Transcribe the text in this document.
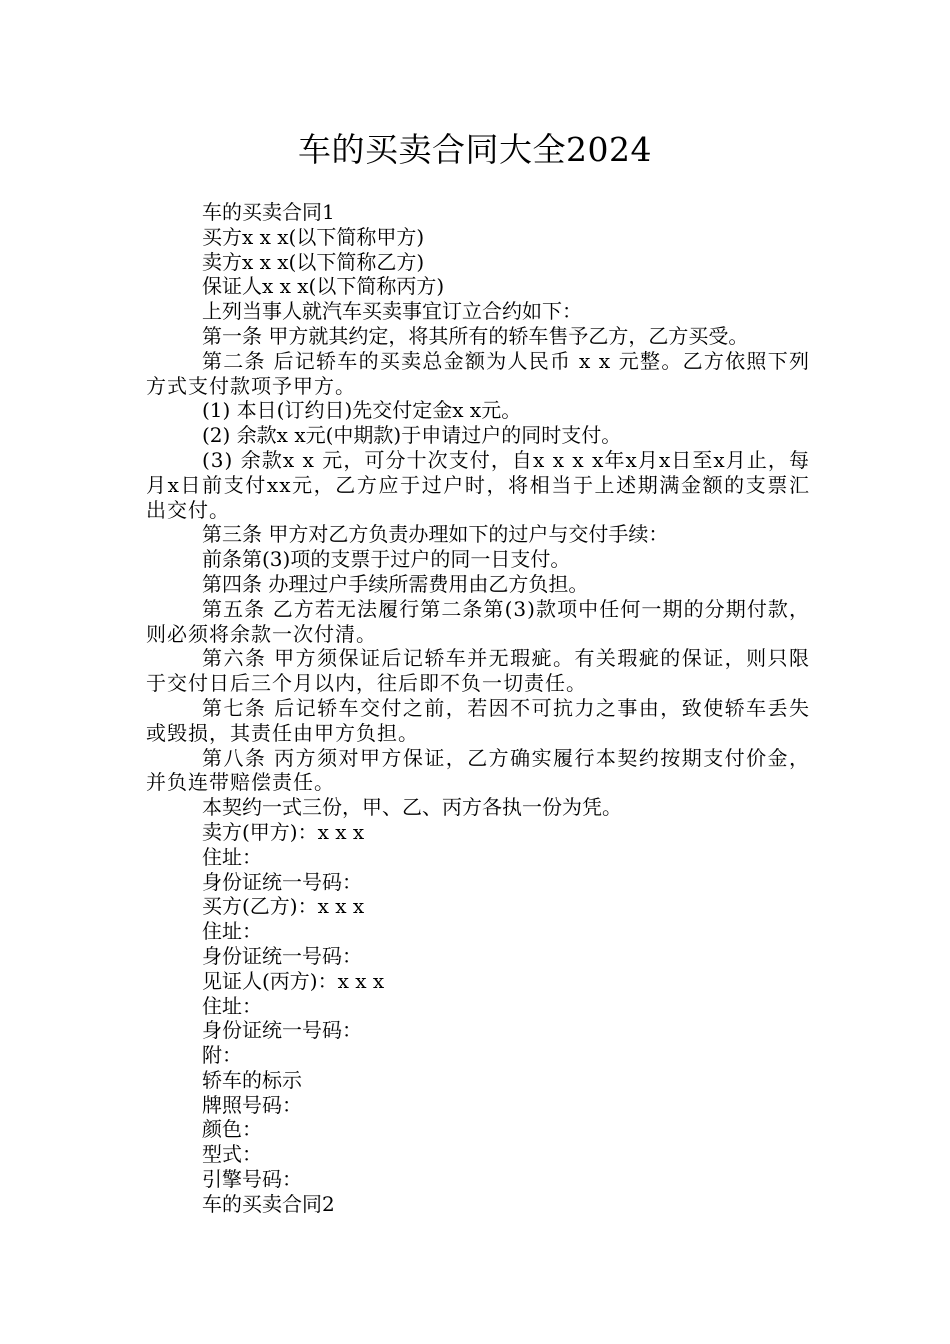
车的买卖合同大全2024

车的买卖合同1

买方x x x(以下简称甲方)

卖方x x x(以下简称乙方)

保证人x x x(以下简称丙方)

上列当事人就汽车买卖事宜订立合约如下：

第一条 甲方就其约定，将其所有的轿车售予乙方，乙方买受。

第二条 后记轿车的买卖总金额为人民币 x x 元整。乙方依照下列方式支付款项予甲方。

(1) 本日(订约日)先交付定金x x元。

(2) 余款x x元(中期款)于申请过户的同时支付。

(3) 余款x x 元，可分十次支付，自x x x x年x月x日至x月止，每月x日前支付xx元，乙方应于过户时，将相当于上述期满金额的支票汇出交付。

第三条 甲方对乙方负责办理如下的过户与交付手续：

前条第(3)项的支票于过户的同一日支付。

第四条 办理过户手续所需费用由乙方负担。

第五条 乙方若无法履行第二条第(3)款项中任何一期的分期付款，则必须将余款一次付清。

第六条 甲方须保证后记轿车并无瑕疵。有关瑕疵的保证，则只限于交付日后三个月以内，往后即不负一切责任。

第七条 后记轿车交付之前，若因不可抗力之事由，致使轿车丢失或毁损，其责任由甲方负担。

第八条 丙方须对甲方保证，乙方确实履行本契约按期支付价金，并负连带赔偿责任。

本契约一式三份，甲、乙、丙方各执一份为凭。

卖方(甲方)：x x x

住址：

身份证统一号码：

买方(乙方)：x x x

住址：

身份证统一号码：

见证人(丙方)：x x x

住址：

身份证统一号码：

附：

轿车的标示

牌照号码：

颜色：

型式：

引擎号码：

车的买卖合同2
